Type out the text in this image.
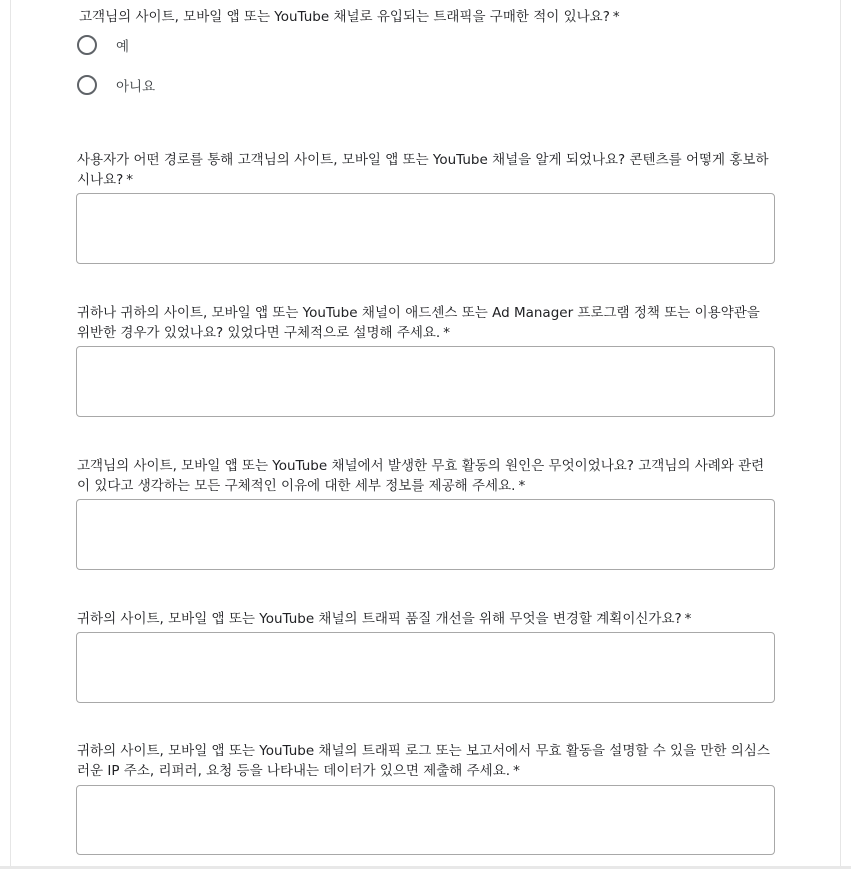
고객님의 사이트, 모바일 앱 또는 YouTube 채널로 유입되는 트래픽을 구매한 적이 있나요? *

예
아니요

사용자가 어떤 경로를 통해 고객님의 사이트, 모바일 앱 또는 YouTube 채널을 알게 되었나요? 콘텐츠를 어떻게 홍보하시나요? *

귀하나 귀하의 사이트, 모바일 앱 또는 YouTube 채널이 애드센스 또는 Ad Manager 프로그램 정책 또는 이용약관을 위반한 경우가 있었나요? 있었다면 구체적으로 설명해 주세요. *

고객님의 사이트, 모바일 앱 또는 YouTube 채널에서 발생한 무효 활동의 원인은 무엇이었나요? 고객님의 사례와 관련이 있다고 생각하는 모든 구체적인 이유에 대한 세부 정보를 제공해 주세요. *

귀하의 사이트, 모바일 앱 또는 YouTube 채널의 트래픽 품질 개선을 위해 무엇을 변경할 계획이신가요? *

귀하의 사이트, 모바일 앱 또는 YouTube 채널의 트래픽 로그 또는 보고서에서 무효 활동을 설명할 수 있을 만한 의심스러운 IP 주소, 리퍼러, 요청 등을 나타내는 데이터가 있으면 제출해 주세요. *
